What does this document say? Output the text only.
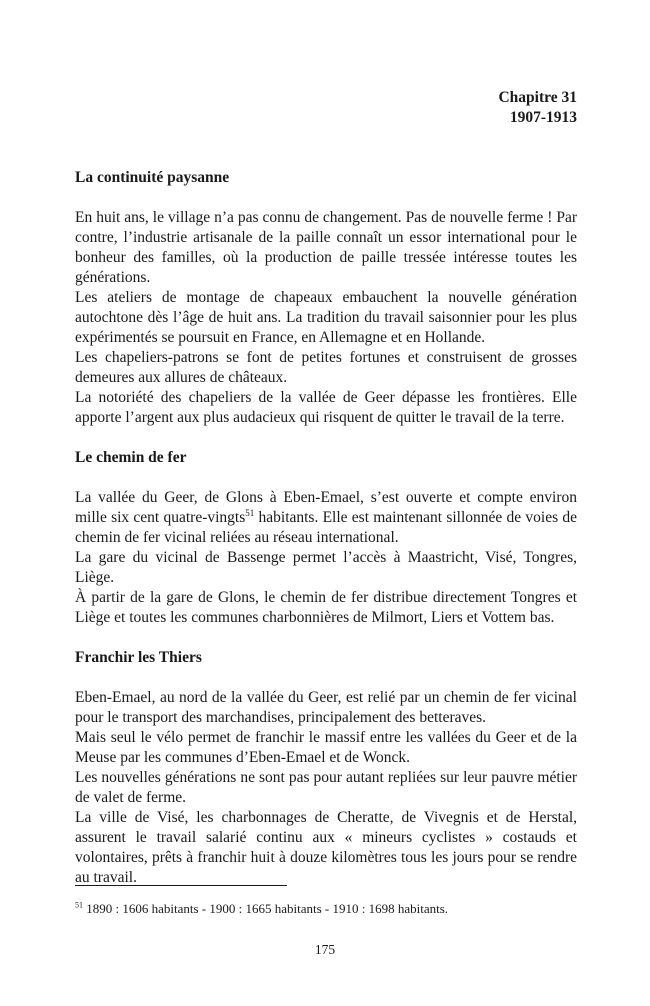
Chapitre 31
1907-1913
La continuité paysanne

En huit ans, le village n’a pas connu de changement. Pas de nouvelle ferme ! Par contre, l’industrie artisanale de la paille connaît un essor international pour le bonheur des familles, où la production de paille tressée intéresse toutes les générations.

Les ateliers de montage de chapeaux embauchent la nouvelle génération autochtone dès l’âge de huit ans. La tradition du travail saisonnier pour les plus expérimentés se poursuit en France, en Allemagne et en Hollande.

Les chapeliers-patrons se font de petites fortunes et construisent de grosses demeures aux allures de châteaux.

La notoriété des chapeliers de la vallée de Geer dépasse les frontières. Elle apporte l’argent aux plus audacieux qui risquent de quitter le travail de la terre.

Le chemin de fer

La vallée du Geer, de Glons à Eben-Emael, s’est ouverte et compte environ mille six cent quatre-vingts$^{51}$ habitants. Elle est maintenant sillonnée de voies de chemin de fer vicinal reliées au réseau international.

La gare du vicinal de Bassenge permet l’accès à Maastricht, Visé, Tongres, Liège.

À partir de la gare de Glons, le chemin de fer distribue directement Tongres et Liège et toutes les communes charbonnières de Milmort, Liers et Vottem bas.

Franchir les Thiers

Eben-Emael, au nord de la vallée du Geer, est relié par un chemin de fer vicinal pour le transport des marchandises, principalement des betteraves.

Mais seul le vélo permet de franchir le massif entre les vallées du Geer et de la Meuse par les communes d’Eben-Emael et de Wonck.

Les nouvelles générations ne sont pas pour autant repliées sur leur pauvre métier de valet de ferme.

La ville de Visé, les charbonnages de Cheratte, de Vivegnis et de Herstal, assurent le travail salarié continu aux « mineurs cyclistes » costauds et volontaires, prêts à franchir huit à douze kilomètres tous les jours pour se rendre au travail.

$^{51}$ 1890 : 1606 habitants - 1900 : 1665 habitants - 1910 : 1698 habitants.
175
